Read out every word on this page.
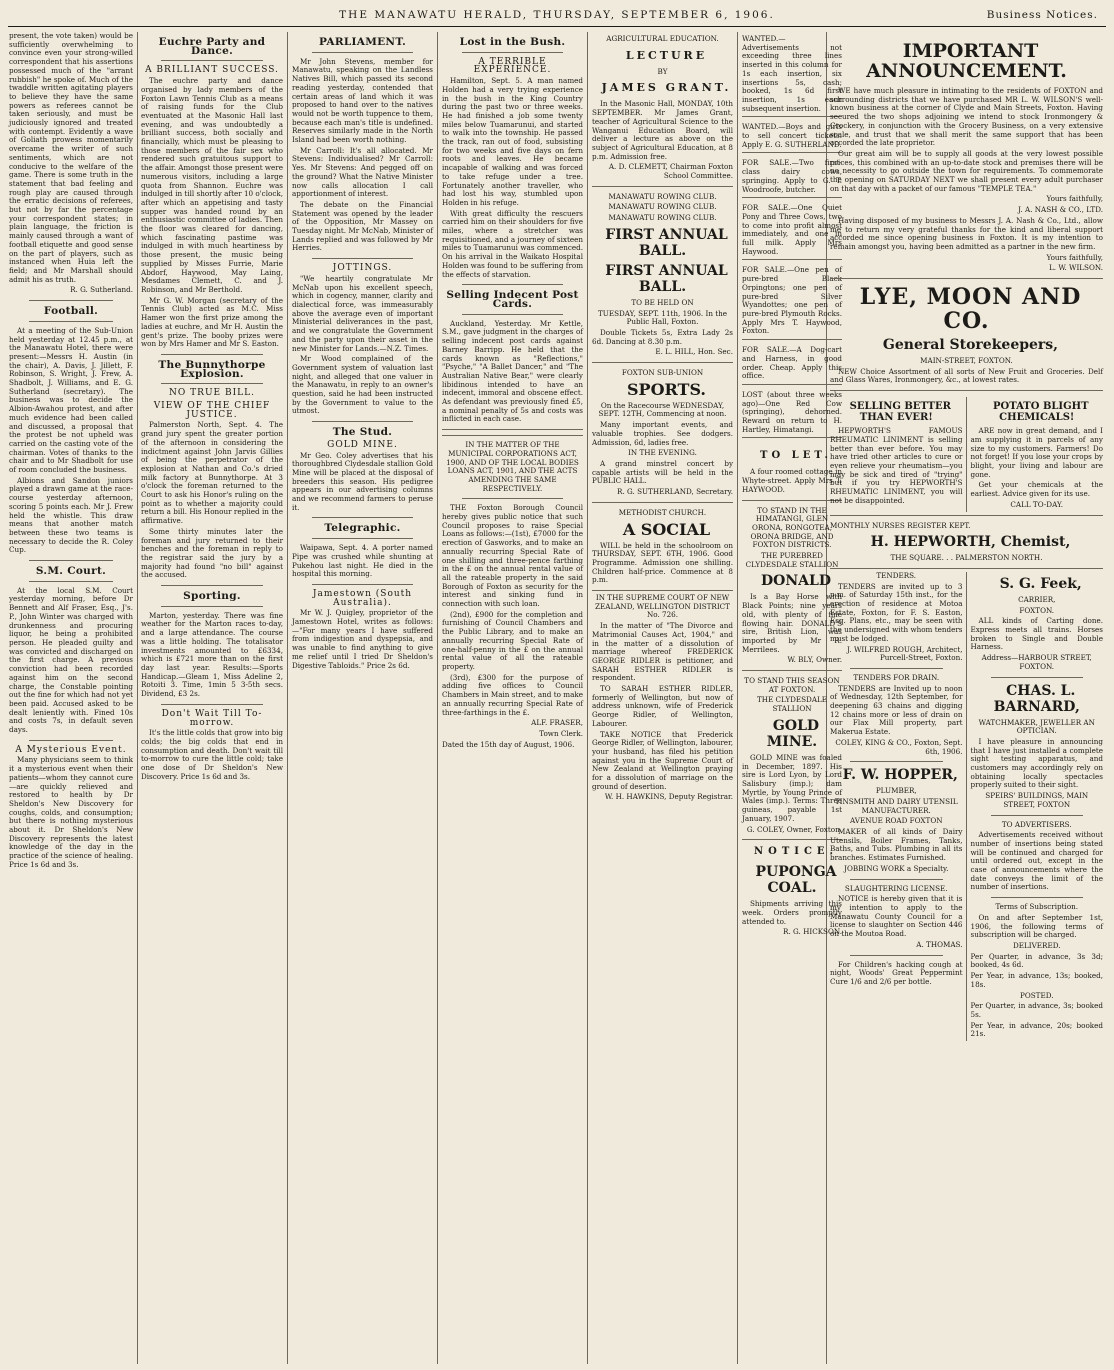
THE MANAWATU HERALD, THURSDAY, SEPTEMBER 6, 1906.	Business Notices.

present, the vote taken) would be sufficiently overwhelming to convince even your strong-willed correspondent that his assertions possessed much of the "arrant rubbish" he spoke of. Much of the twaddle written agitating players to believe they have the same powers as referees cannot be taken seriously, and must be judiciously ignored and treated with contempt. Evidently a wave of Goliath prowess momentarily overcame the writer of such sentiments, which are not conducive to the welfare of the game. There is some truth in the statement that bad feeling and rough play are caused through the erratic decisions of referees, but not by far the percentage your correspondent states; in plain language, the friction is mainly caused through a want of football etiquette and good sense on the part of players, such as instanced when Huia left the field; and Mr Marshall should admit his as truth.

R. G. Sutherland.

Football.

At a meeting of the Sub-Union held yesterday at 12.45 p.m., at the Manawatu Hotel, there were present:—Messrs H. Austin (in the chair), A. Davis, J. Jillett, F. Robinson, S. Wright, J. Frew, A. Shadbolt, J. Williams, and E. G. Sutherland (secretary). The business was to decide the Albion-Awahou protest, and after much evidence had been called and discussed, a proposal that the protest be not upheld was carried on the casting vote of the chairman. Votes of thanks to the chair and to Mr Shadbolt for use of room concluded the business.

Albions and Sandon juniors played a drawn game at the race-course yesterday afternoon, scoring 5 points each. Mr J. Frew held the whistle. This draw means that another match between these two teams is necessary to decide the R. Coley Cup.

S.M. Court.

At the local S.M. Court yesterday morning, before Dr Bennett and Alf Fraser, Esq., J's. P., John Winter was charged with drunkenness and procuring liquor, he being a prohibited person. He pleaded guilty and was convicted and discharged on the first charge. A previous conviction had been recorded against him on the second charge, the Constable pointing out the fine for which had not yet been paid. Accused asked to be dealt leniently with. Fined 10s and costs 7s, in default seven days.

A Mysterious Event.

Many physicians seem to think it a mysterious event when their patients—whom they cannot cure—are quickly relieved and restored to health by Dr Sheldon's New Discovery for coughs, colds, and consumption; but there is nothing mysterious about it. Dr Sheldon's New Discovery represents the latest knowledge of the day in the practice of the science of healing. Price 1s 6d and 3s.

Euchre Party and Dance.
A BRILLIANT SUCCESS.

The euchre party and dance organised by lady members of the Foxton Lawn Tennis Club as a means of raising funds for the Club eventuated at the Masonic Hall last evening, and was undoubtedly a brilliant success, both socially and financially, which must be pleasing to those members of the fair sex who rendered such gratuitous support to the affair. Amongst those present were numerous visitors, including a large quota from Shannon. Euchre was indulged in till shortly after 10 o'clock, after which an appetising and tasty supper was handed round by an enthusiastic committee of ladies. Then the floor was cleared for dancing, which fascinating pastime was indulged in with much heartiness by those present, the music being supplied by Misses Furrie, Marie Abdorf, Haywood, May Laing, Mesdames Clemett, C. and J. Robinson, and Mr Berthold.

Mr G. W. Morgan (secretary of the Tennis Club) acted as M.C. Miss Hamer won the first prize among the ladies at euchre, and Mr H. Austin the gent's prize. The booby prizes were won by Mrs Hamer and Mr S. Easton.

The Bunnythorpe Explosion.
NO TRUE BILL.
VIEW OF THE CHIEF JUSTICE.

Palmerston North, Sept. 4. The grand jury spent the greater portion of the afternoon in considering the indictment against John Jarvis Gillies of being the perpetrator of the explosion at Nathan and Co.'s dried milk factory at Bunnythorpe. At 3 o'clock the foreman returned to the Court to ask his Honor's ruling on the point as to whether a majority could return a bill. His Honour replied in the affirmative.

Some thirty minutes later the foreman and jury returned to their benches and the foreman in reply to the registrar said the jury by a majority had found "no bill" against the accused.

Sporting.

Marton, yesterday. There was fine weather for the Marton races to-day, and a large attendance. The course was a little holding. The totalisator investments amounted to £6334, which is £721 more than on the first day last year. Results:—Sports Handicap.—Gleam 1, Miss Adeline 2, Rotoiti 3. Time, 1min 5 3-5th secs. Dividend, £3 2s.

Don't Wait Till To-morrow.

It's the little colds that grow into big colds; the big colds that end in consumption and death. Don't wait till to-morrow to cure the little cold; take one dose of Dr Sheldon's New Discovery. Price 1s 6d and 3s.

PARLIAMENT.

Mr John Stevens, member for Manawatu, speaking on the Landless Natives Bill, which passed its second reading yesterday, contended that certain areas of land which it was proposed to hand over to the natives would not be worth tuppence to them, because each man's title is undefined. Reserves similarly made in the North Island had been worth nothing.

Mr Carroll: It's all allocated. Mr Stevens: Individualised? Mr Carroll: Yes. Mr Stevens: And pegged off on the ground? What the Native Minister now calls allocation I call apportionment of interest.

The debate on the Financial Statement was opened by the leader of the Opposition, Mr Massey on Tuesday night. Mr McNab, Minister of Lands replied and was followed by Mr Herries.

JOTTINGS.

"We heartily congratulate Mr McNab upon his excellent speech, which in cogency, manner, clarity and dialectical force, was immeasurably above the average even of important Ministerial deliverances in the past, and we congratulate the Government and the party upon their asset in the new Minister for Lands.—N.Z. Times.

Mr Wood complained of the Government system of valuation last night, and alleged that one valuer in the Manawatu, in reply to an owner's question, said he had been instructed by the Government to value to the utmost.

The Stud.
GOLD MINE.

Mr Geo. Coley advertises that his thoroughbred Clydesdale stallion Gold Mine will be placed at the disposal of breeders this season. His pedigree appears in our advertising columns and we recommend farmers to peruse it.

Telegraphic.

Waipawa, Sept. 4. A porter named Pipe was crushed while shunting at Pukehou last night. He died in the hospital this morning.

Jamestown (South Australia).

Mr W. J. Quigley, proprietor of the Jamestown Hotel, writes as follows:—"For many years I have suffered from indigestion and dyspepsia, and was unable to find anything to give me relief until I tried Dr Sheldon's Digestive Tabloids." Price 2s 6d.

Lost in the Bush.
A TERRIBLE EXPERIENCE.

Hamilton, Sept. 5. A man named Holden had a very trying experience in the bush in the King Country during the past two or three weeks. He had finished a job some twenty miles below Tuamarunui, and started to walk into the township. He passed the track, ran out of food, subsisting for two weeks and five days on fern roots and leaves. He became incapable of walking and was forced to take refuge under a tree. Fortunately another traveller, who had lost his way, stumbled upon Holden in his refuge.

With great difficulty the rescuers carried him on their shoulders for five miles, where a stretcher was requisitioned, and a journey of sixteen miles to Tuamarunui was commenced. On his arrival in the Waikato Hospital Holden was found to be suffering from the effects of starvation.

Selling Indecent Post Cards.

Auckland, Yesterday. Mr Kettle, S.M., gave judgment in the charges of selling indecent post cards against Barney Barripp. He held that the cards known as "Reflections," "Psyche," "A Ballet Dancer," and "The Australian Native Bear," were clearly libidinous intended to have an indecent, immoral and obscene effect. As defendant was previously fined £5, a nominal penalty of 5s and costs was inflicted in each case.

IN THE MATTER OF THE MUNICIPAL CORPORATIONS ACT, 1900, AND OF THE LOCAL BODIES LOANS ACT, 1901, AND THE ACTS AMENDING THE SAME RESPECTIVELY.

THE Foxton Borough Council hereby gives public notice that such Council proposes to raise Special Loans as follows:—(1st), £7000 for the erection of Gasworks, and to make an annually recurring Special Rate of one shilling and three-pence farthing in the £ on the annual rental value of all the rateable property in the said Borough of Foxton as security for the interest and sinking fund in connection with such loan.

(2nd), £900 for the completion and furnishing of Council Chambers and the Public Library, and to make an annually recurring Special Rate of one-half-penny in the £ on the annual rental value of all the rateable property.

(3rd), £300 for the purpose of adding five offices to Council Chambers in Main street, and to make an annually recurring Special Rate of three-farthings in the £.

ALF. FRASER,

Town Clerk.

Dated the 15th day of August, 1906.

AGRICULTURAL EDUCATION.

LECTURE

BY

JAMES GRANT.

In the Masonic Hall, MONDAY, 10th SEPTEMBER. Mr James Grant, teacher of Agricultural Science to the Wanganui Education Board, will deliver a lecture as above on the subject of Agricultural Education, at 8 p.m. Admission free.

A. D. CLEMETT, Chairman Foxton School Committee.

MANAWATU ROWING CLUB.

MANAWATU ROWING CLUB.

MANAWATU ROWING CLUB.

FIRST ANNUAL BALL.

FIRST ANNUAL BALL.

TO BE HELD ON

TUESDAY, SEPT. 11th, 1906. In the Public Hall, Foxton.

Double Tickets 5s, Extra Lady 2s 6d. Dancing at 8.30 p.m.

E. L. HILL, Hon. Sec.

FOXTON SUB-UNION

SPORTS.

On the Racecourse WEDNESDAY, SEPT. 12TH, Commencing at noon.

Many important events, and valuable trophies. See dodgers. Admission, 6d, ladies free.

IN THE EVENING.

A grand minstrel concert by capable artists will be held in the PUBLIC HALL.

R. G. SUTHERLAND, Secretary.

METHODIST CHURCH.

A SOCIAL

WILL be held in the schoolroom on THURSDAY, SEPT. 6TH, 1906. Good Programme. Admission one shilling. Children half-price. Commence at 8 p.m.

IN THE SUPREME COURT OF NEW ZEALAND, WELLINGTON DISTRICT No. 726.

In the matter of "The Divorce and Matrimonial Causes Act, 1904," and in the matter of a dissolution of marriage whereof FREDERICK GEORGE RIDLER is petitioner, and SARAH ESTHER RIDLER is respondent.

TO SARAH ESTHER RIDLER, formerly of Wellington, but now of address unknown, wife of Frederick George Ridler, of Wellington, Labourer.

TAKE NOTICE that Frederick George Ridler, of Wellington, labourer, your husband, has filed his petition against you in the Supreme Court of New Zealand at Wellington praying for a dissolution of marriage on the ground of desertion.

W. H. HAWKINS, Deputy Registrar.

WANTED.—Advertisements not exceeding three lines inserted in this column for 1s each insertion, six insertions 5s, cash; booked, 1s 6d first insertion, 1s each subsequent insertion.

WANTED.—Boys and girls to sell concert tickets. Apply E. G. SUTHERLAND.

FOR SALE.—Two first-class dairy cows, springing. Apply to G. T. Woodroofe, butcher.

FOR SALE.—One Quiet Pony and Three Cows, two to come into profit almost immediately, and one in full milk. Apply Mrs Haywood.

FOR SALE.—One pen of pure-bred Black Orpingtons; one pen of pure-bred Silver Wyandottes; one pen of pure-bred Plymouth Rocks. Apply Mrs T. Haywood, Foxton.

FOR SALE.—A Dog-cart and Harness, in good order. Cheap. Apply this office.

LOST (about three weeks ago)—One Red Cow (springing), dehorned. Reward on return to H. Hartley, Himatangi.

TO LET.

A four roomed cottage in Whyte-street. Apply Mrs T. HAYWOOD.

TO STAND IN THE HIMATANGI, GLEN ORONA, RONGOTEA, ORONA BRIDGE, AND FOXTON DISTRICTS.

THE PUREBRED CLYDESDALE STALLION

DONALD

Is a Bay Horse with Black Points; nine years old, with plenty of fine flowing hair. DONALD'S sire, British Lion, was imported by Mr R. Merrilees.

W. BLY, Owner.

TO STAND THIS SEASON AT FOXTON.

THE CLYDESDALE STALLION

GOLD MINE.

GOLD MINE was foaled in December, 1897. His sire is Lord Lyon, by Lord Salisbury (imp.); dam Myrtle, by Young Prince of Wales (imp.). Terms: Three guineas, payable 1st January, 1907.

G. COLEY, Owner, Foxton.

NOTICE.

PUPONGA COAL.

Shipments arriving this week. Orders promptly attended to.

R. G. HICKSON.

IMPORTANT ANNOUNCEMENT.

WE have much pleasure in intimating to the residents of FOXTON and surrounding districts that we have purchased MR L. W. WILSON'S well-known business at the corner of Clyde and Main Streets, Foxton. Having secured the two shops adjoining we intend to stock Ironmongery & Crockery, in conjunction with the Grocery Business, on a very extensive scale, and trust that we shall merit the same support that has been accorded the late proprietor.

Our great aim will be to supply all goods at the very lowest possible prices, this combined with an up-to-date stock and premises there will be no necessity to go outside the town for requirements. To commemorate the opening on SATURDAY NEXT we shall present every adult purchaser on that day with a packet of our famous "TEMPLE TEA."

Yours faithfully,

J. A. NASH & CO., LTD.

Having disposed of my business to Messrs J. A. Nash & Co., Ltd., allow me to return my very grateful thanks for the kind and liberal support accorded me since opening business in Foxton. It is my intention to remain amongst you, having been admitted as a partner in the new firm.

Yours faithfully,

L. W. WILSON.

LYE, MOON AND CO.

General Storekeepers,

MAIN-STREET, FOXTON.

NEW Choice Assortment of all sorts of New Fruit and Groceries. Delf and Glass Wares, Ironmongery, &c., at lowest rates.

SELLING BETTER THAN EVER!

HEPWORTH'S FAMOUS RHEUMATIC LINIMENT is selling better than ever before. You may have tried other articles to cure or even relieve your rheumatism—you may be sick and tired of "trying" but if you try HEPWORTH'S RHEUMATIC LINIMENT, you will not be disappointed.

POTATO BLIGHT CHEMICALS!

ARE now in great demand, and I am supplying it in parcels of any size to my customers. Farmers! Do not forget! If you lose your crops by blight, your living and labour are gone.

Get your chemicals at the earliest. Advice given for its use.

CALL TO-DAY.

MONTHLY NURSES REGISTER KEPT.

H. HEPWORTH, Chemist,

THE SQUARE. . . PALMERSTON NORTH.

TENDERS.

TENDERS are invited up to 3 p.m. of Saturday 15th inst., for the erection of residence at Motoa Estate, Foxton, for F. S. Easton, Esq. Plans, etc., may be seen with the undersigned with whom tenders must be lodged.

J. WILFRED ROUGH, Architect, Purcell-Street, Foxton.

TENDERS FOR DRAIN.

TENDERS are Invited up to noon of Wednesday, 12th September, for deepening 63 chains and digging 12 chains more or less of drain on our Flax Mill property, part Makerua Estate.

COLEY, KING & CO., Foxton, Sept. 6th, 1906.

F. W. HOPPER,

PLUMBER,

TINSMITH AND DAIRY UTENSIL MANUFACTURER.

AVENUE ROAD FOXTON

MAKER of all kinds of Dairy Utensils, Boiler Frames, Tanks, Baths, and Tubs. Plumbing in all its branches. Estimates Furnished.

JOBBING WORK a Specialty.

SLAUGHTERING LICENSE.

NOTICE is hereby given that it is my intention to apply to the Manawatu County Council for a license to slaughter on Section 446 on the Moutoa Road.

A. THOMAS.

For Children's hacking cough at night, Woods' Great Peppermint Cure 1/6 and 2/6 per bottle.

S. G. Feek,

CARRIER,

FOXTON.

ALL kinds of Carting done. Express meets all trains. Horses broken to Single and Double Harness.

Address—HARBOUR STREET, FOXTON.

CHAS. L. BARNARD,

WATCHMAKER, JEWELLER AN OPTICIAN.

I have pleasure in announcing that I have just installed a complete sight testing apparatus, and customers may accordingly rely on obtaining locally spectacles properly suited to their sight.

SPEIRS' BUILDINGS, MAIN STREET, FOXTON

TO ADVERTISERS.

Advertisements received without number of insertions being stated will be continued and charged for until ordered out, except in the case of announcements where the date conveys the limit of the number of insertions.

Terms of Subscription.

On and after September 1st, 1906, the following terms of subscription will be charged.

DELIVERED.

Per Quarter, in advance, 3s 3d; booked, 4s 6d.

Per Year, in advance, 13s; booked, 18s.

POSTED.

Per Quarter, in advance, 3s; booked 5s.

Per Year, in advance, 20s; booked 21s.
